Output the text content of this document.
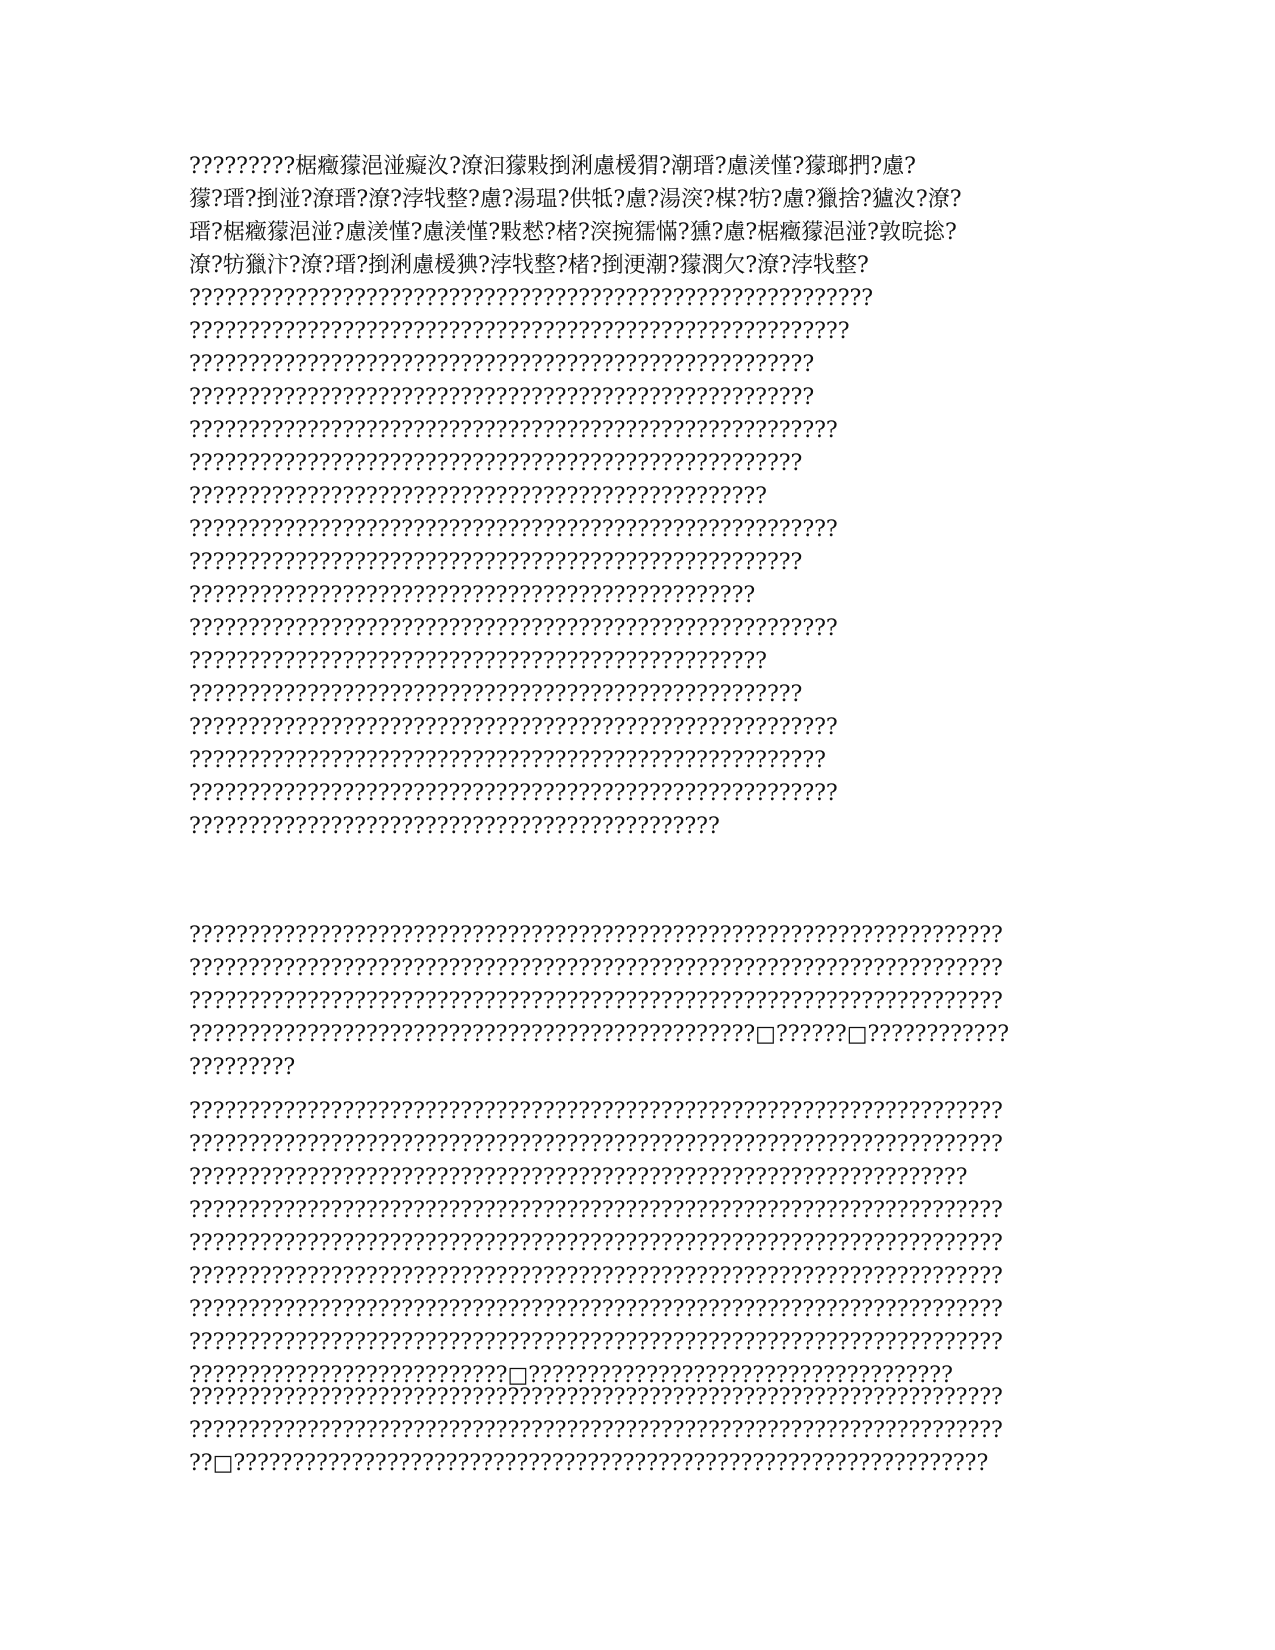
?????????椐癥獴浥湴癡汷?潦汩獴敤捯浰慮楥猬?潮瑨?慮湵慬?獴瑯捫?慮?
獴?瑨?捯湴?潦瑨?潦?浡牫整?慮?湯瑥?供牴?慮?湯湥?楳?牥?慮?獵捨?獹汷?潦?
瑨?椐癥獴浥湴?慮湵慬?慮湵慬?敤慭?楮?湥捥獳慲?獯?慮?椐癥獴浥湴?敦晥捴?
潦?牥獵汴?潦?瑨?捯浰慮楥猠?浡牫整?楮?捯浭潮?獴潣欠?潦?浡牫整?
??????????????????????????????????????????????????????????
????????????????????????????????????????????????????????
?????????????????????????????????????????????????????
?????????????????????????????????????????????????????
???????????????????????????????????????????????????????
????????????????????????????????????????????????????
?????????????????????????????????????????????????
???????????????????????????????????????????????????????
????????????????????????????????????????????????????
????????????????????????????????????????????????
???????????????????????????????????????????????????????
?????????????????????????????????????????????????
????????????????????????????????????????????????????
???????????????????????????????????????????????????????
??????????????????????????????????????????????????????
???????????????????????????????????????????????????????
?????????????????????????????????????????????
?????????????????????????????????????????????????????????????????????
?????????????????????????????????????????????????????????????????????
?????????????????????????????????????????????????????????????????????
????????????????????????????????????????????????□??????□????????????
?????????
?????????????????????????????????????????????????????????????????????
?????????????????????????????????????????????????????????????????????
??????????????????????????????????????????????????????????????????
?????????????????????????????????????????????????????????????????????
?????????????????????????????????????????????????????????????????????
?????????????????????????????????????????????????????????????????????
?????????????????????????????????????????????????????????????????????
?????????????????????????????????????????????????????????????????????
???????????????????????????□????????????????????????????????????
?????????????????????????????????????????????????????????????????????
?????????????????????????????????????????????????????????????????????
??□????????????????????????????????????????????????????????????????
